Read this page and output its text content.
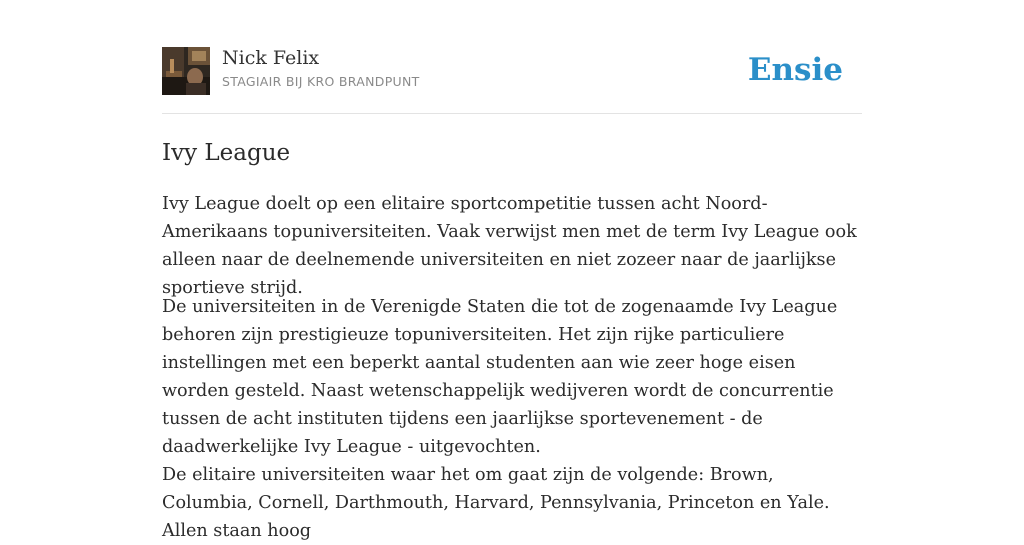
Nick Felix
STAGIAIR BIJ KRO BRANDPUNT	Ensie
Ivy League

Ivy League doelt op een elitaire sportcompetitie tussen acht Noord-Amerikaans topuniversiteiten. Vaak verwijst men met de term Ivy League ook alleen naar de deelnemende universiteiten en niet zozeer naar de jaarlijkse sportieve strijd.

De universiteiten in de Verenigde Staten die tot de zogenaamde Ivy League behoren zijn prestigieuze topuniversiteiten. Het zijn rijke particuliere instellingen met een beperkt aantal studenten aan wie zeer hoge eisen worden gesteld. Naast wetenschappelijk wedijveren wordt de concurrentie tussen de acht instituten tijdens een jaarlijkse sportevenement - de daadwerkelijke Ivy League - uitgevochten.

De elitaire universiteiten waar het om gaat zijn de volgende: Brown, Columbia, Cornell, Darthmouth, Harvard, Pennsylvania, Princeton en Yale. Allen staan hoog
